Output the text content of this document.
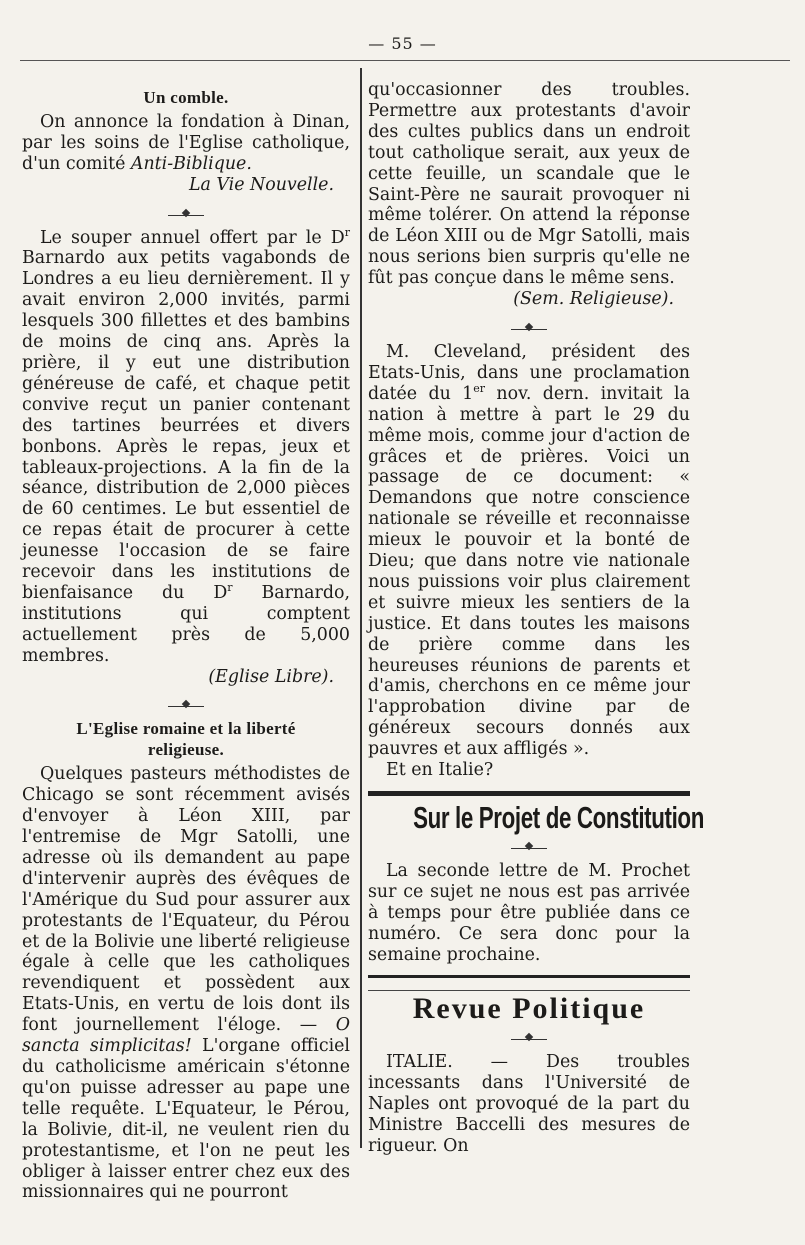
— 55 —
Un comble.

On annonce la fondation à Dinan, par les soins de l'Eglise catholique, d'un comité Anti-Biblique.

La Vie Nouvelle.

Le souper annuel offert par le $D^r$ Barnardo aux petits vagabonds de Londres a eu lieu dernièrement. Il y avait environ 2,000 invités, parmi lesquels 300 fillettes et des bambins de moins de cinq ans. Après la prière, il y eut une distribution généreuse de café, et chaque petit convive reçut un panier contenant des tartines beurrées et divers bonbons. Après le repas, jeux et tableaux-projections. A la fin de la séance, distribution de 2,000 pièces de 60 centimes. Le but essentiel de ce repas était de procurer à cette jeunesse l'occasion de se faire recevoir dans les institutions de bienfaisance du $D^r$ Barnardo, institutions qui comptent actuellement près de 5,000 membres.

(Eglise Libre).
L'Eglise romaine et la liberté
religieuse.

Quelques pasteurs méthodistes de Chicago se sont récemment avisés d'envoyer à Léon XIII, par l'entremise de Mgr Satolli, une adresse où ils demandent au pape d'intervenir auprès des évêques de l'Amérique du Sud pour assurer aux protestants de l'Equateur, du Pérou et de la Bolivie une liberté religieuse égale à celle que les catholiques revendiquent et possèdent aux Etats-Unis, en vertu de lois dont ils font journellement l'éloge. — O sancta simplicitas! L'organe officiel du catholicisme américain s'étonne qu'on puisse adresser au pape une telle requête. L'Equateur, le Pérou, la Bolivie, dit-il, ne veulent rien du protestantisme, et l'on ne peut les obliger à laisser entrer chez eux des missionnaires qui ne pourront

qu'occasionner des troubles. Permettre aux protestants d'avoir des cultes publics dans un endroit tout catholique serait, aux yeux de cette feuille, un scandale que le Saint-Père ne saurait provoquer ni même tolérer. On attend la réponse de Léon XIII ou de Mgr Satolli, mais nous serions bien surpris qu'elle ne fût pas conçue dans le même sens.

(Sem. Religieuse).

M. Cleveland, président des Etats-Unis, dans une proclamation datée du 1er nov. dern. invitait la nation à mettre à part le 29 du même mois, comme jour d'action de grâces et de prières. Voici un passage de ce document: « Demandons que notre conscience nationale se réveille et reconnaisse mieux le pouvoir et la bonté de Dieu; que dans notre vie nationale nous puissions voir plus clairement et suivre mieux les sentiers de la justice. Et dans toutes les maisons de prière comme dans les heureuses réunions de parents et d'amis, cherchons en ce même jour l'approbation divine par de généreux secours donnés aux pauvres et aux affligés ».

Et en Italie?

Sur le Projet de Constitution

La seconde lettre de M. Prochet sur ce sujet ne nous est pas arrivée à temps pour être publiée dans ce numéro. Ce sera donc pour la semaine prochaine.

Revue Politique

ITALIE. — Des troubles incessants dans l'Université de Naples ont provoqué de la part du Ministre Baccelli des mesures de rigueur. On
